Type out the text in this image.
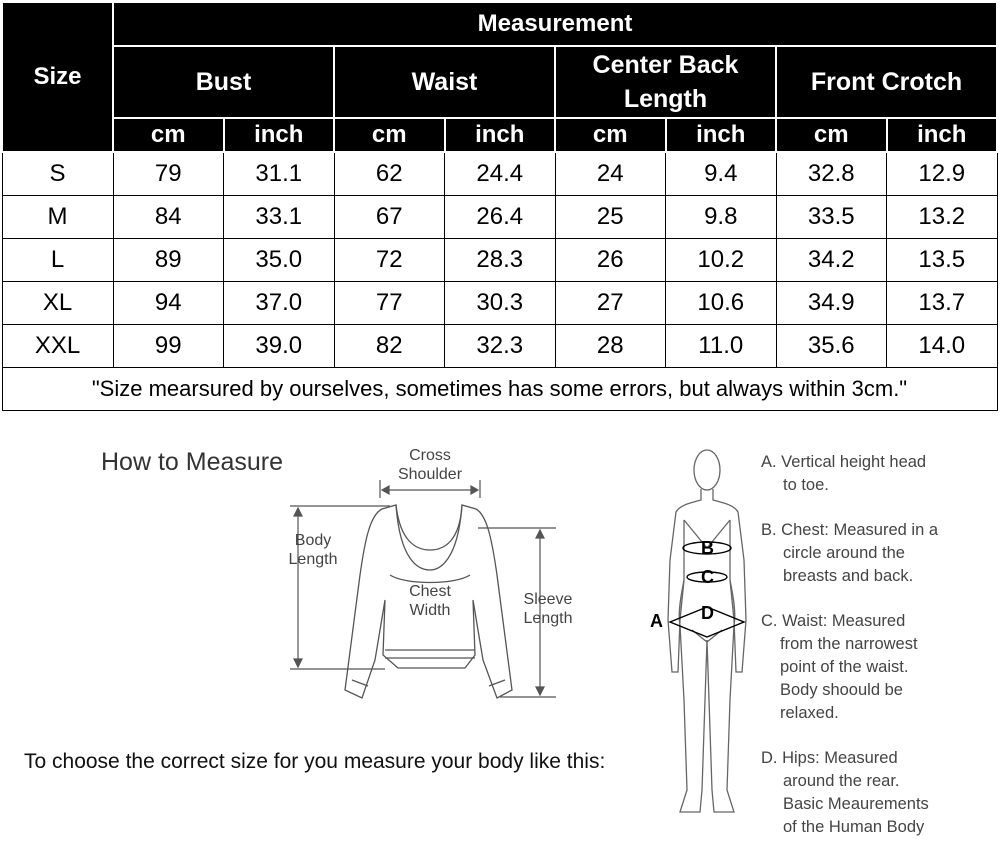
Size	Measurement							
	Bust		Waist		Center Back Length		Front Crotch	
	cm	inch	cm	inch	cm	inch	cm	inch
S	79	31.1	62	24.4	24	9.4	32.8	12.9
M	84	33.1	67	26.4	25	9.8	33.5	13.2
L	89	35.0	72	28.3	26	10.2	34.2	13.5
XL	94	37.0	77	30.3	27	10.6	34.9	13.7
XXL	99	39.0	82	32.3	28	11.0	35.6	14.0
"Size mearsured by ourselves, sometimes has some errors, but always within 3cm."								
How to Measure
To choose the correct size for you measure your body like this:
Cross
Shoulder
Body
Length
Chest
Width
Sleeve
Length	A
B
C
D
A. Vertical height head
to toe.
B. Chest: Measured in a
circle around the
breasts and back.
C. Waist: Measured
from the narrowest
point of the waist.
Body shoould be
relaxed.
D. Hips: Measured
around the rear.
Basic Meaurements
of the Human Body
